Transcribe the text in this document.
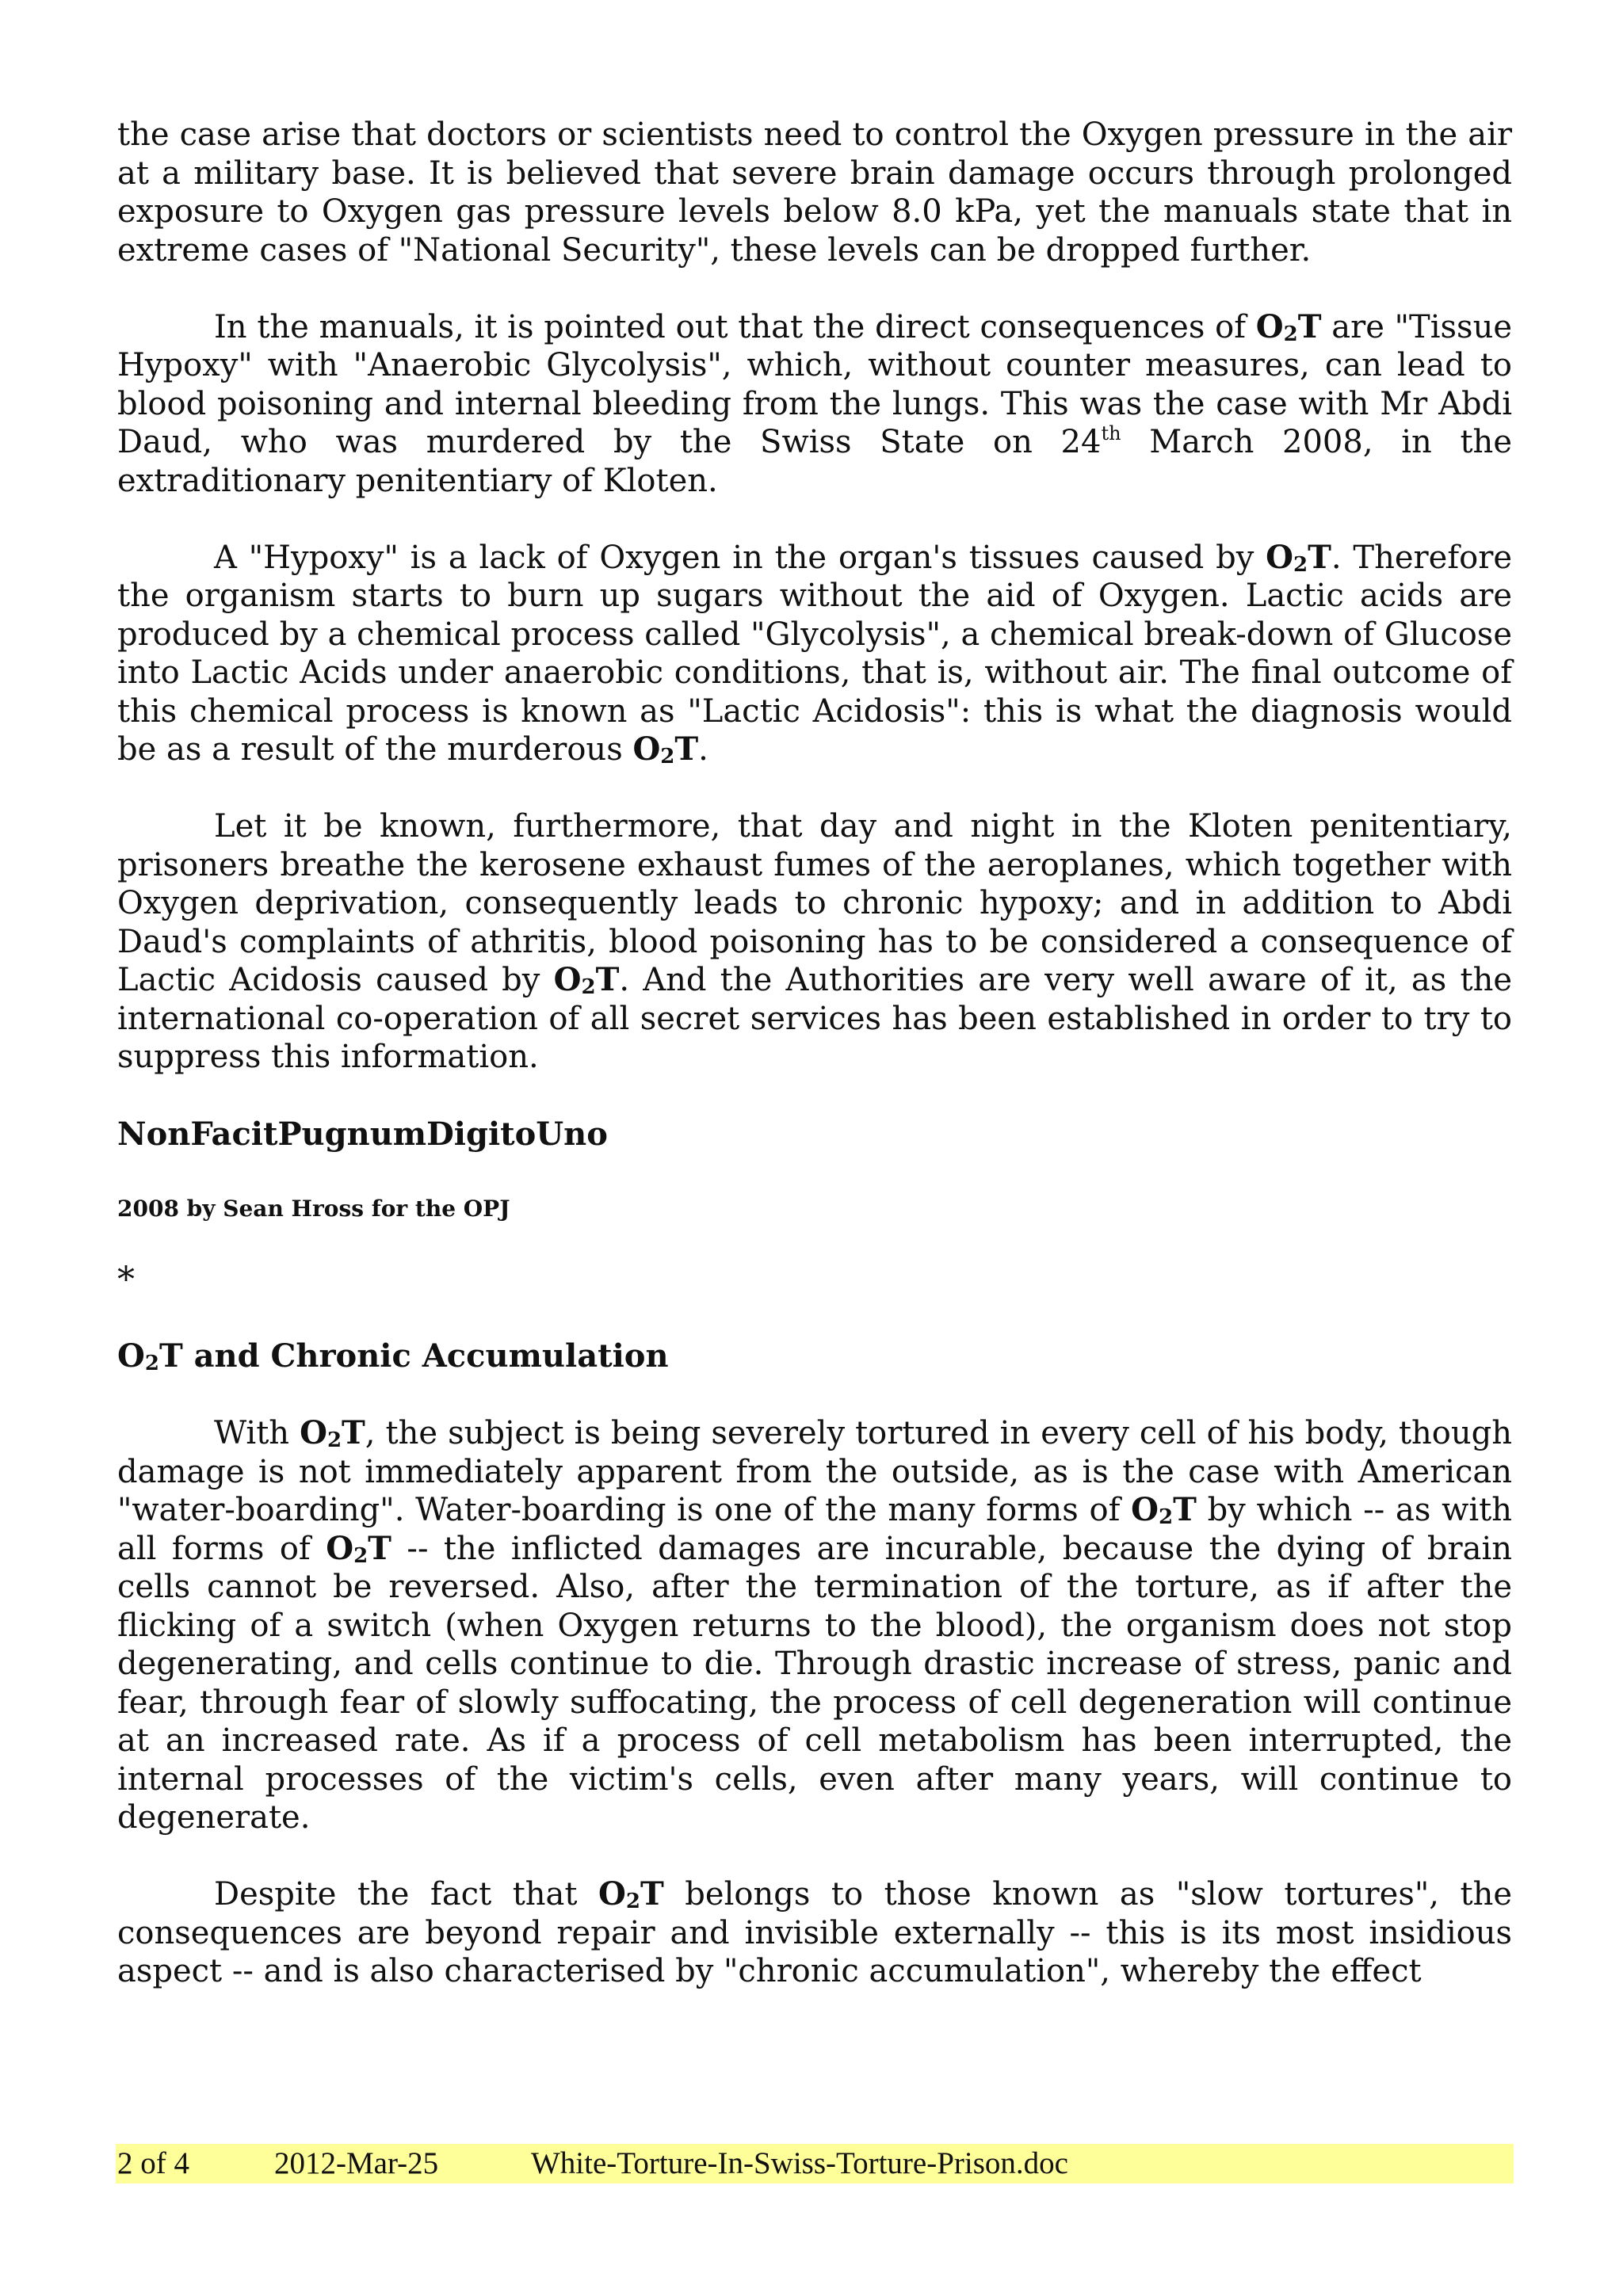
the case arise that doctors or scientists need to control the Oxygen pressure in the air at a military base. It is believed that severe brain damage occurs through prolonged exposure to Oxygen gas pressure levels below 8.0 kPa, yet the manuals state that in extreme cases of "National Security", these levels can be dropped further.

In the manuals, it is pointed out that the direct consequences of $O_2T$ are "Tissue Hypoxy" with "Anaerobic Glycolysis", which, without counter measures, can lead to blood poisoning and internal bleeding from the lungs. This was the case with Mr Abdi Daud, who was murdered by the Swiss State on 24th March 2008, in the extraditionary penitentiary of Kloten.

A "Hypoxy" is a lack of Oxygen in the organ's tissues caused by $O_2T$. Therefore the organism starts to burn up sugars without the aid of Oxygen. Lactic acids are produced by a chemical process called "Glycolysis", a chemical break-down of Glucose into Lactic Acids under anaerobic conditions, that is, without air. The final outcome of this chemical process is known as "Lactic Acidosis": this is what the diagnosis would be as a result of the murderous $O_2T$.

Let it be known, furthermore, that day and night in the Kloten penitentiary, prisoners breathe the kerosene exhaust fumes of the aeroplanes, which together with Oxygen deprivation, consequently leads to chronic hypoxy; and in addition to Abdi Daud's complaints of athritis, blood poisoning has to be considered a consequence of Lactic Acidosis caused by $O_2T$. And the Authorities are very well aware of it, as the international co-operation of all secret services has been established in order to try to suppress this information.

NonFacitPugnumDigitoUno

2008 by Sean Hross for the OPJ

*

$O_2T$ and Chronic Accumulation

With $O_2T$, the subject is being severely tortured in every cell of his body, though damage is not immediately apparent from the outside, as is the case with American "water-boarding". Water-boarding is one of the many forms of $O_2T$ by which -- as with all forms of $O_2T$ -- the inflicted damages are incurable, because the dying of brain cells cannot be reversed. Also, after the termination of the torture, as if after the flicking of a switch (when Oxygen returns to the blood), the organism does not stop degenerating, and cells continue to die. Through drastic increase of stress, panic and fear, through fear of slowly suffocating, the process of cell degeneration will continue at an increased rate. As if a process of cell metabolism has been interrupted, the internal processes of the victim's cells, even after many years, will continue to degenerate.

Despite the fact that $O_2T$ belongs to those known as "slow tortures", the consequences are beyond repair and invisible externally -- this is its most insidious aspect -- and is also characterised by "chronic accumulation", whereby the effect

2 of 4	2012-Mar-25	White-Torture-In-Swiss-Torture-Prison.doc
